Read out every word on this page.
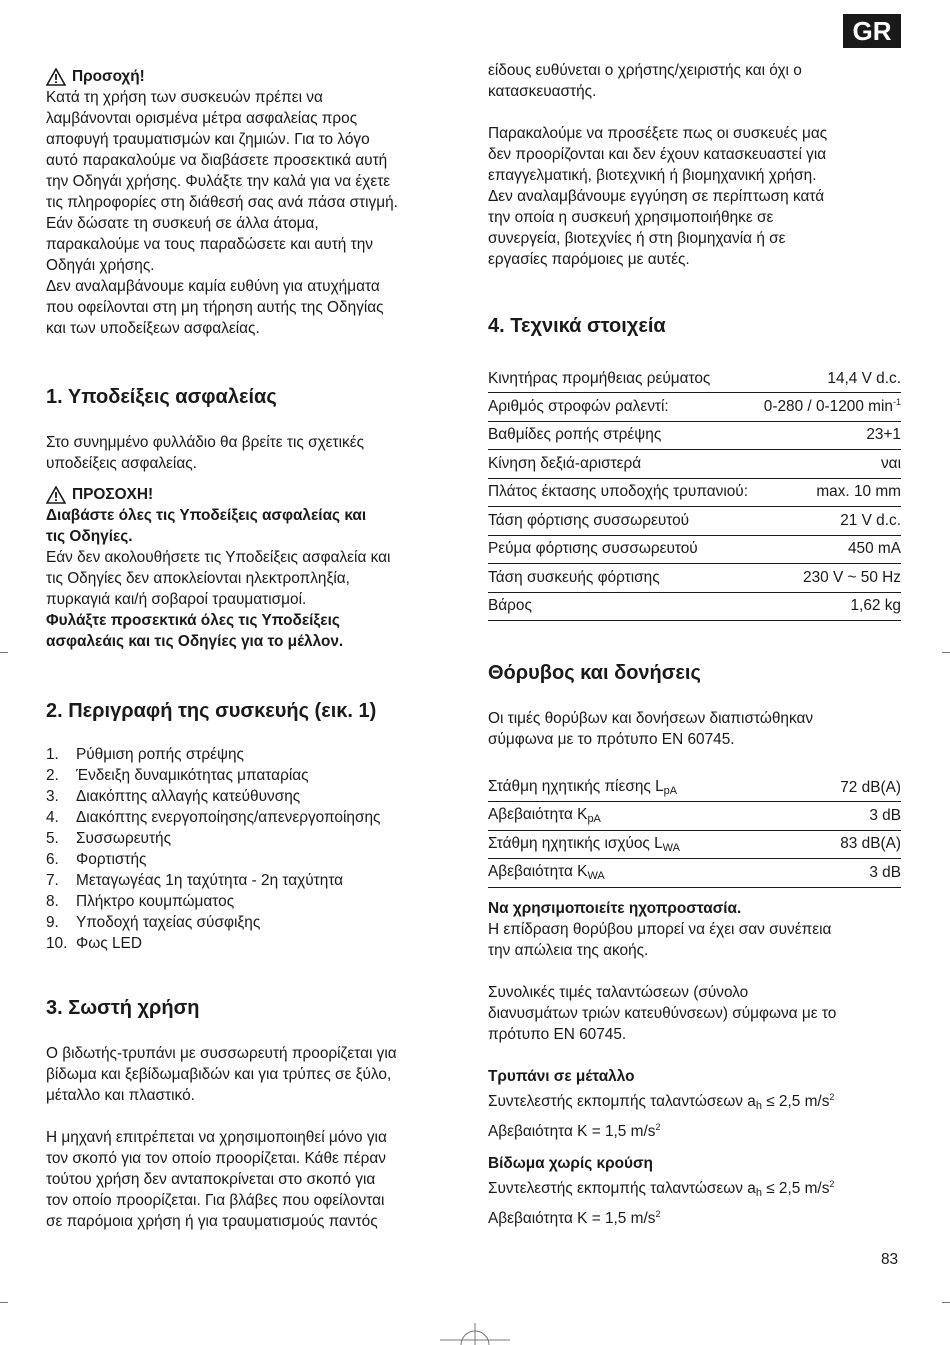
GR
Προσοχή!
Κατά τη χρήση των συσκευών πρέπει να
λαμβάνονται ορισμένα μέτρα ασφαλείας προς
αποφυγή τραυματισμών και ζημιών. Για το λόγο
αυτό παρακαλούμε να διαβάσετε προσεκτικά αυτή
την Οδηγάι χρήσης. Φυλάξτε την καλά για να έχετε
τις πληροφορίες στη διάθεσή σας ανά πάσα στιγμή.
Εάν δώσατε τη συσκευή σε άλλα άτομα,
παρακαλούμε να τους παραδώσετε και αυτή την
Οδηγάι χρήσης.
Δεν αναλαμβάνουμε καμία ευθύνη για ατυχήματα
που οφείλονται στη μη τήρηση αυτής της Οδηγίας
και των υποδείξεων ασφαλείας.
1. Υποδείξεις ασφαλείας
Στο συνημμένο φυλλάδιο θα βρείτε τις σχετικές
υποδείξεις ασφαλείας.
ΠΡΟΣΟΧΗ!
Διαβάστε όλες τις Υποδείξεις ασφαλείας και
τις Οδηγίες.
Εάν δεν ακολουθήσετε τις Υποδείξεις ασφαλεία και
τις Οδηγίες δεν αποκλείονται ηλεκτροπληξία,
πυρκαγιά και/ή σοβαροί τραυματισμοί.
Φυλάξτε προσεκτικά όλες τις Υποδείξεις
ασφαλεάις και τις Οδηγίες για το μέλλον.
2. Περιγραφή της συσκευής (εικ. 1)
1.	Ρύθμιση ροπής στρέψης
2.	Ένδειξη δυναμικότητας μπαταρίας
3.	Διακόπτης αλλαγής κατεύθυνσης
4.	Διακόπτης ενεργοποίησης/απενεργοποίησης
5.	Συσσωρευτής
6.	Φορτιστής
7.	Μεταγωγέας 1η ταχύτητα - 2η ταχύτητα
8.	Πλήκτρο κουμπώματος
9.	Υποδοχή ταχείας σύσφιξης
10. Φως LED
3. Σωστή χρήση
Ο βιδωτής-τρυπάνι με συσσωρευτή προορίζεται για
βίδωμα και ξεβίδωμαβιδών και για τρύπες σε ξύλο,
μέταλλο και πλαστικό.
Η μηχανή επιτρέπεται να χρησιμοποιηθεί μόνο για
τον σκοπό για τον οποίο προορίζεται. Κάθε πέραν
τούτου χρήση δεν ανταποκρίνεται στο σκοπό για
τον οποίο προορίζεται. Για βλάβες που οφείλονται
σε παρόμοια χρήση ή για τραυματισμούς παντός
είδους ευθύνεται ο χρήστης/χειριστής και όχι ο
κατασκευαστής.
Παρακαλούμε να προσέξετε πως οι συσκευές μας
δεν προορίζονται και δεν έχουν κατασκευαστεί για
επαγγελματική, βιοτεχνική ή βιομηχανική χρήση.
Δεν αναλαμβάνουμε εγγύηση σε περίπτωση κατά
την οποία η συσκευή χρησιμοποιήθηκε σε
συνεργεία, βιοτεχνίες ή στη βιομηχανία ή σε
εργασίες παρόμοιες με αυτές.
4. Τεχνικά στοιχεία
Κινητήρας προμήθειας ρεύματος	14,4 V d.c.
Αριθμός στροφών ραλεντί:	0-280 / 0-1200 $\min^{-1}$
Βαθμίδες ροπής στρέψης	23+1
Κίνηση δεξιά-αριστερά	ναι
Πλάτος έκτασης υποδοχής τρυπανιού:	max. 10 mm
Τάση φόρτισης συσσωρευτού	21 V d.c.
Ρεύμα φόρτισης συσσωρευτού	450 mA
Τάση συσκευής φόρτισης	230 V ~ 50 Hz
Βάρος	1,62 kg
Θόρυβος και δονήσεις
Οι τιμές θορύβων και δονήσεων διαπιστώθηκαν
σύμφωνα με το πρότυπο EN 60745.
Στάθμη ηχητικής πίεσης $L_{pA}$	72 dB(A)
Αβεβαιότητα $K_{pA}$	3 dB
Στάθμη ηχητικής ισχύος $L_{WA}$	83 dB(A)
Αβεβαιότητα $K_{WA}$	3 dB
Να χρησιμοποιείτε ηχοπροστασία.
Η επίδραση θορύβου μπορεί να έχει σαν συνέπεια
την απώλεια της ακοής.
Συνολικές τιμές ταλαντώσεων (σύνολο
διανυσμάτων τριών κατευθύνσεων) σύμφωνα με το
πρότυπο EN 60745.
Τρυπάνι σε μέταλλο
Συντελεστής εκπομπής ταλαντώσεων $a_h \le 2,5$ $m/s^2$
Αβεβαιότητα K = 1,5 $m/s^2$
Βίδωμα χωρίς κρούση
Συντελεστής εκπομπής ταλαντώσεων $a_h \le 2,5$ $m/s^2$
Αβεβαιότητα K = 1,5 $m/s^2$
83
